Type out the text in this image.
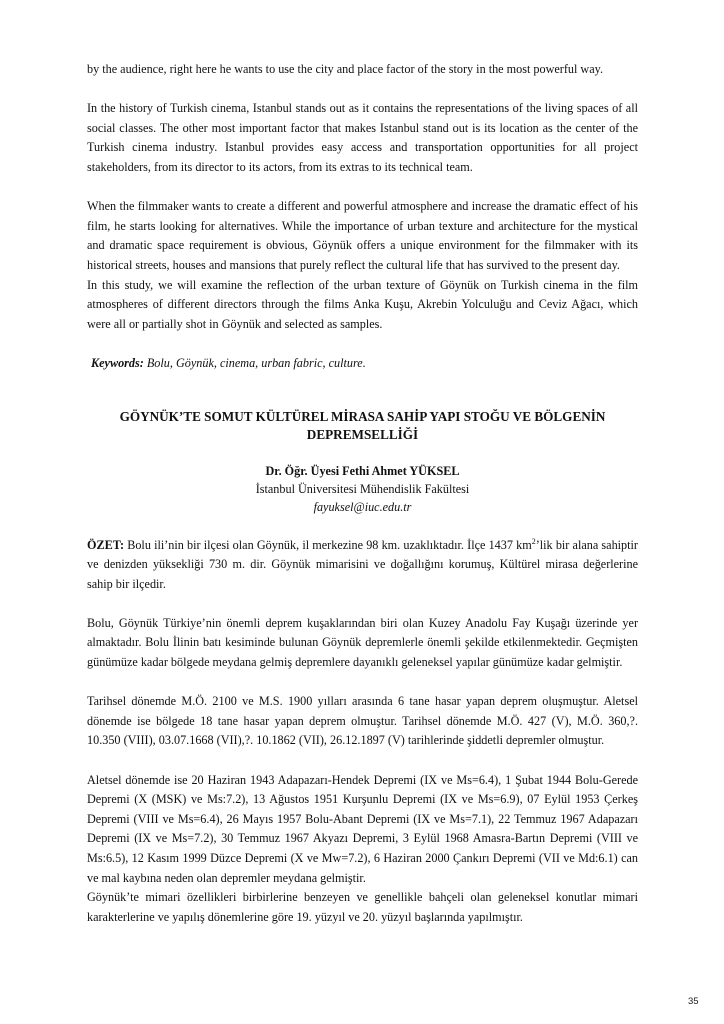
by the audience, right here he wants to use the city and place factor of the story in the most powerful way.

In the history of Turkish cinema, Istanbul stands out as it contains the representations of the living spaces of all social classes. The other most important factor that makes Istanbul stand out is its location as the center of the Turkish cinema industry. Istanbul provides easy access and transportation opportunities for all project stakeholders, from its director to its actors, from its extras to its technical team.

When the filmmaker wants to create a different and powerful atmosphere and increase the dramatic effect of his film, he starts looking for alternatives. While the importance of urban texture and architecture for the mystical and dramatic space requirement is obvious, Göynük offers a unique environment for the filmmaker with its historical streets, houses and mansions that purely reflect the cultural life that has survived to the present day.

In this study, we will examine the reflection of the urban texture of Göynük on Turkish cinema in the film atmospheres of different directors through the films Anka Kuşu, Akrebin Yolculuğu and Ceviz Ağacı, which were all or partially shot in Göynük and selected as samples.

Keywords: Bolu, Göynük, cinema, urban fabric, culture.

GÖYNÜK’TE SOMUT KÜLTÜREL MİRASA SAHİP YAPI STOĞU VE BÖLGENİN DEPREMSELLİĞİ
Dr. Öğr. Üyesi Fethi Ahmet YÜKSEL
İstanbul Üniversitesi Mühendislik Fakültesi
fayuksel@iuc.edu.tr

ÖZET: Bolu ili’nin bir ilçesi olan Göynük, il merkezine 98 km. uzaklıktadır. İlçe 1437 $km^2’lik$ bir alana sahiptir ve denizden yüksekliği 730 m. dir. Göynük mimarisini ve doğallığını korumuş, Kültürel mirasa değerlerine sahip bir ilçedir.

Bolu, Göynük Türkiye’nin önemli deprem kuşaklarından biri olan Kuzey Anadolu Fay Kuşağı üzerinde yer almaktadır. Bolu İlinin batı kesiminde bulunan Göynük depremlerle önemli şekilde etkilenmektedir. Geçmişten günümüze kadar bölgede meydana gelmiş depremlere dayanıklı geleneksel yapılar günümüze kadar gelmiştir.

Tarihsel dönemde M.Ö. 2100 ve M.S. 1900 yılları arasında 6 tane hasar yapan deprem oluşmuştur. Aletsel dönemde ise bölgede 18 tane hasar yapan deprem olmuştur. Tarihsel dönemde M.Ö. 427 (V), M.Ö. 360,?. 10.350 (VIII), 03.07.1668 (VII),?. 10.1862 (VII), 26.12.1897 (V) tarihlerinde şiddetli depremler olmuştur.

Aletsel dönemde ise 20 Haziran 1943 Adapazarı-Hendek Depremi (IX ve Ms=6.4), 1 Şubat 1944 Bolu-Gerede Depremi (X (MSK) ve Ms:7.2), 13 Ağustos 1951 Kurşunlu Depremi (IX ve Ms=6.9), 07 Eylül 1953 Çerkeş Depremi (VIII ve Ms=6.4), 26 Mayıs 1957 Bolu-Abant Depremi (IX ve Ms=7.1), 22 Temmuz 1967 Adapazarı Depremi (IX ve Ms=7.2), 30 Temmuz 1967 Akyazı Depremi, 3 Eylül 1968 Amasra-Bartın Depremi (VIII ve Ms:6.5), 12 Kasım 1999 Düzce Depremi (X ve Mw=7.2), 6 Haziran 2000 Çankırı Depremi (VII ve Md:6.1) can ve mal kaybına neden olan depremler meydana gelmiştir.

Göynük’te mimari özellikleri birbirlerine benzeyen ve genellikle bahçeli olan geleneksel konutlar mimari karakterlerine ve yapılış dönemlerine göre 19. yüzyıl ve 20. yüzyıl başlarında yapılmıştır.

35
